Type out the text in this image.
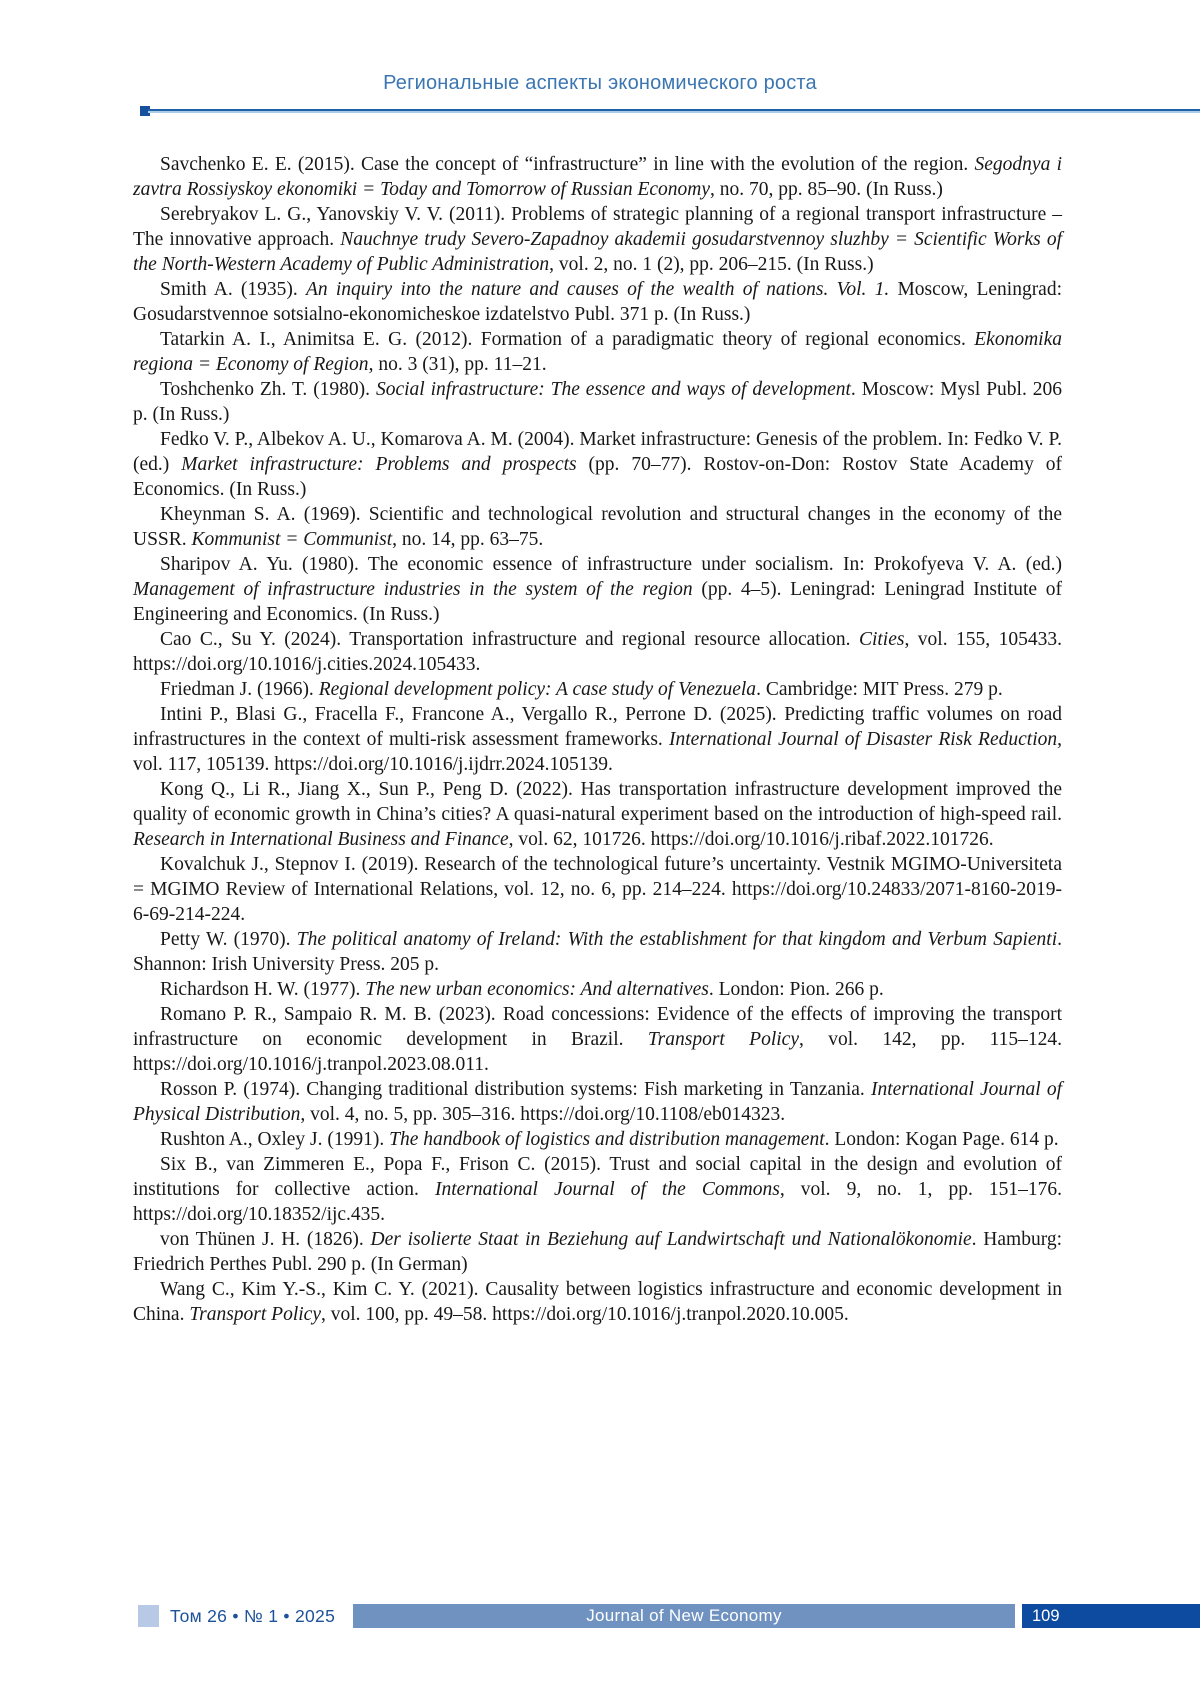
Региональные аспекты экономического роста

Savchenko E. E. (2015). Case the concept of “infrastructure” in line with the evolution of the region. Segodnya i zavtra Rossiyskoy ekonomiki = Today and Tomorrow of Russian Economy, no. 70, pp. 85–90. (In Russ.)

Serebryakov L. G., Yanovskiy V. V. (2011). Problems of strategic planning of a regional transport infrastructure – The innovative approach. Nauchnye trudy Severo-Zapadnoy akademii gosudarstvennoy sluzhby = Scientific Works of the North-Western Academy of Public Administration, vol. 2, no. 1 (2), pp. 206–215. (In Russ.)

Smith A. (1935). An inquiry into the nature and causes of the wealth of nations. Vol. 1. Moscow, Leningrad: Gosudarstvennoe sotsialno-ekonomicheskoe izdatelstvo Publ. 371 p. (In Russ.)

Tatarkin A. I., Animitsa E. G. (2012). Formation of a paradigmatic theory of regional economics. Ekonomika regiona = Economy of Region, no. 3 (31), pp. 11–21.

Toshchenko Zh. T. (1980). Social infrastructure: The essence and ways of development. Moscow: Mysl Publ. 206 p. (In Russ.)

Fedko V. P., Albekov A. U., Komarova A. M. (2004). Market infrastructure: Genesis of the problem. In: Fedko V. P. (ed.) Market infrastructure: Problems and prospects (pp. 70–77). Rostov-on-Don: Rostov State Academy of Economics. (In Russ.)

Kheynman S. A. (1969). Scientific and technological revolution and structural changes in the economy of the USSR. Kommunist = Communist, no. 14, pp. 63–75.

Sharipov A. Yu. (1980). The economic essence of infrastructure under socialism. In: Prokofyeva V. A. (ed.) Management of infrastructure industries in the system of the region (pp. 4–5). Leningrad: Leningrad Institute of Engineering and Economics. (In Russ.)

Cao C., Su Y. (2024). Transportation infrastructure and regional resource allocation. Cities, vol. 155, 105433. https://doi.org/10.1016/j.cities.2024.105433.

Friedman J. (1966). Regional development policy: A case study of Venezuela. Cambridge: MIT Press. 279 p.

Intini P., Blasi G., Fracella F., Francone A., Vergallo R., Perrone D. (2025). Predicting traffic volumes on road infrastructures in the context of multi-risk assessment frameworks. International Journal of Disaster Risk Reduction, vol. 117, 105139. https://doi.org/10.1016/j.ijdrr.2024.105139.

Kong Q., Li R., Jiang X., Sun P., Peng D. (2022). Has transportation infrastructure development improved the quality of economic growth in China’s cities? A quasi-natural experiment based on the introduction of high-speed rail. Research in International Business and Finance, vol. 62, 101726. https://doi.org/10.1016/j.ribaf.2022.101726.

Kovalchuk J., Stepnov I. (2019). Research of the technological future’s uncertainty. Vestnik MGIMO-Universiteta = MGIMO Review of International Relations, vol. 12, no. 6, pp. 214–224. https://doi.org/10.24833/2071-8160-2019-6-69-214-224.

Petty W. (1970). The political anatomy of Ireland: With the establishment for that kingdom and Verbum Sapienti. Shannon: Irish University Press. 205 p.

Richardson H. W. (1977). The new urban economics: And alternatives. London: Pion. 266 p.

Romano P. R., Sampaio R. M. B. (2023). Road concessions: Evidence of the effects of improving the transport infrastructure on economic development in Brazil. Transport Policy, vol. 142, pp. 115–124. https://doi.org/10.1016/j.tranpol.2023.08.011.

Rosson P. (1974). Changing traditional distribution systems: Fish marketing in Tanzania. International Journal of Physical Distribution, vol. 4, no. 5, pp. 305–316. https://doi.org/10.1108/eb014323.

Rushton A., Oxley J. (1991). The handbook of logistics and distribution management. London: Kogan Page. 614 p.

Six B., van Zimmeren E., Popa F., Frison C. (2015). Trust and social capital in the design and evolution of institutions for collective action. International Journal of the Commons, vol. 9, no. 1, pp. 151–176. https://doi.org/10.18352/ijc.435.

von Thünen J. H. (1826). Der isolierte Staat in Beziehung auf Landwirtschaft und Nationalökonomie. Hamburg: Friedrich Perthes Publ. 290 p. (In German)

Wang C., Kim Y.-S., Kim C. Y. (2021). Causality between logistics infrastructure and economic development in China. Transport Policy, vol. 100, pp. 49–58. https://doi.org/10.1016/j.tranpol.2020.10.005.

Том 26 • № 1 • 2025	Journal of New Economy	109
